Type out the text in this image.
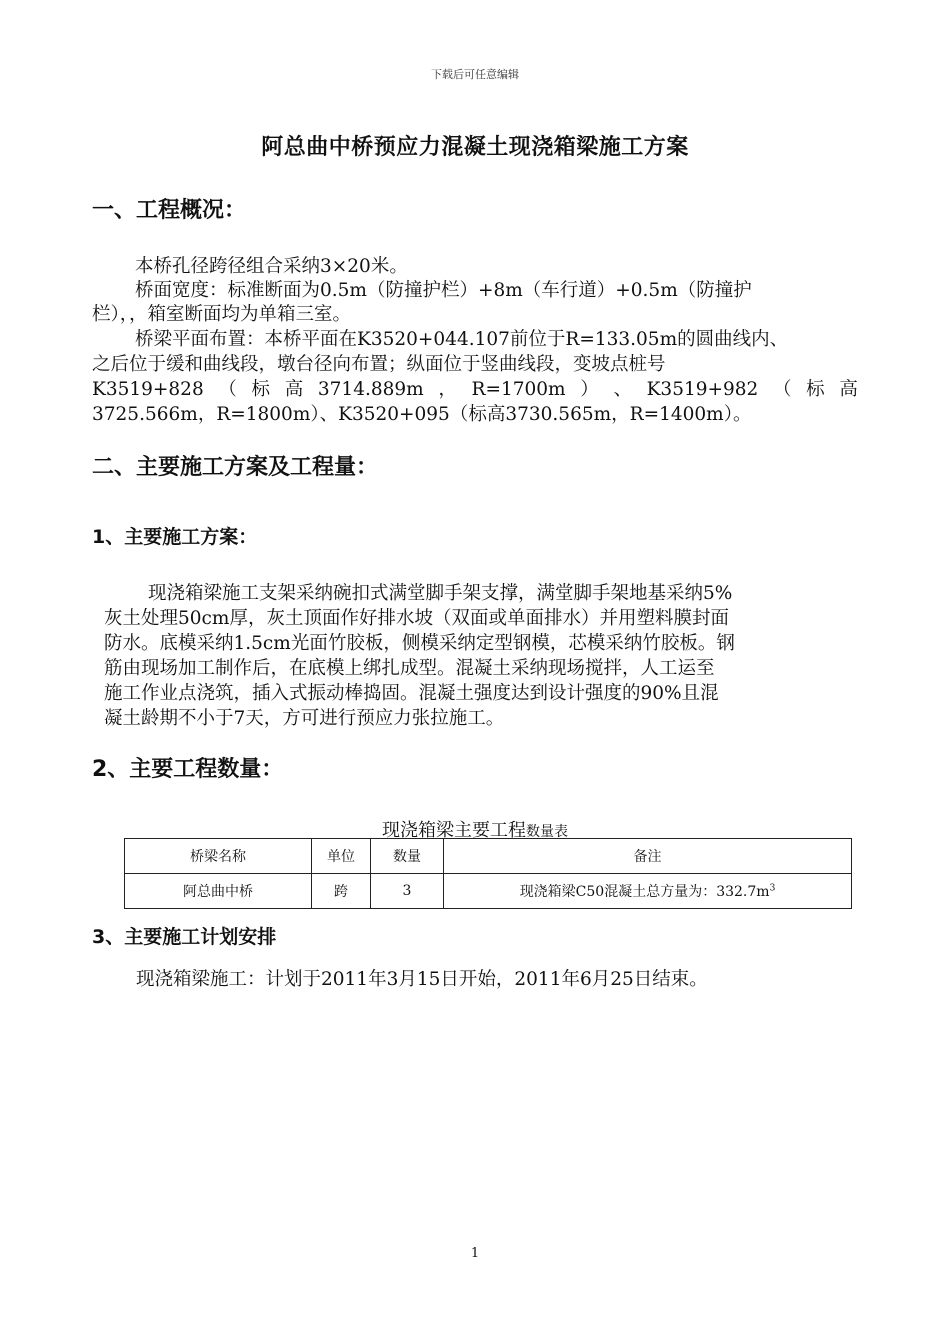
下载后可任意编辑
阿总曲中桥预应力混凝土现浇箱梁施工方案
一、工程概况：
本桥孔径跨径组合采纳3×20米。
桥面宽度：标准断面为0.5m（防撞护栏）+8m（车行道）+0.5m（防撞护
栏），，箱室断面均为单箱三室。
桥梁平面布置：本桥平面在K3520+044.107前位于R=133.05m的圆曲线内、
之后位于缓和曲线段，墩台径向布置；纵面位于竖曲线段，变坡点桩号
K3519+828 （ 标 高 3714.889m ， R=1700m ） 、 K3519+982 （ 标 高
3725.566m，R=1800m）、K3520+095（标高3730.565m，R=1400m）。
二、主要施工方案及工程量：
1、主要施工方案：
现浇箱梁施工支架采纳碗扣式满堂脚手架支撑，满堂脚手架地基采纳5%
灰土处理50cm厚，灰土顶面作好排水坡（双面或单面排水）并用塑料膜封面
防水。底模采纳1.5cm光面竹胶板，侧模采纳定型钢模，芯模采纳竹胶板。钢
筋由现场加工制作后，在底模上绑扎成型。混凝土采纳现场搅拌，人工运至
施工作业点浇筑，插入式振动棒捣固。混凝土强度达到设计强度的90%且混
凝土龄期不小于7天，方可进行预应力张拉施工。
2、主要工程数量：
现浇箱梁主要工程数量表
桥梁名称	单位	数量	备注
阿总曲中桥	跨	3	现浇箱梁C50混凝土总方量为：$332.7m^3$
3、主要施工计划安排
现浇箱梁施工：计划于2011年3月15日开始，2011年6月25日结束。
1
